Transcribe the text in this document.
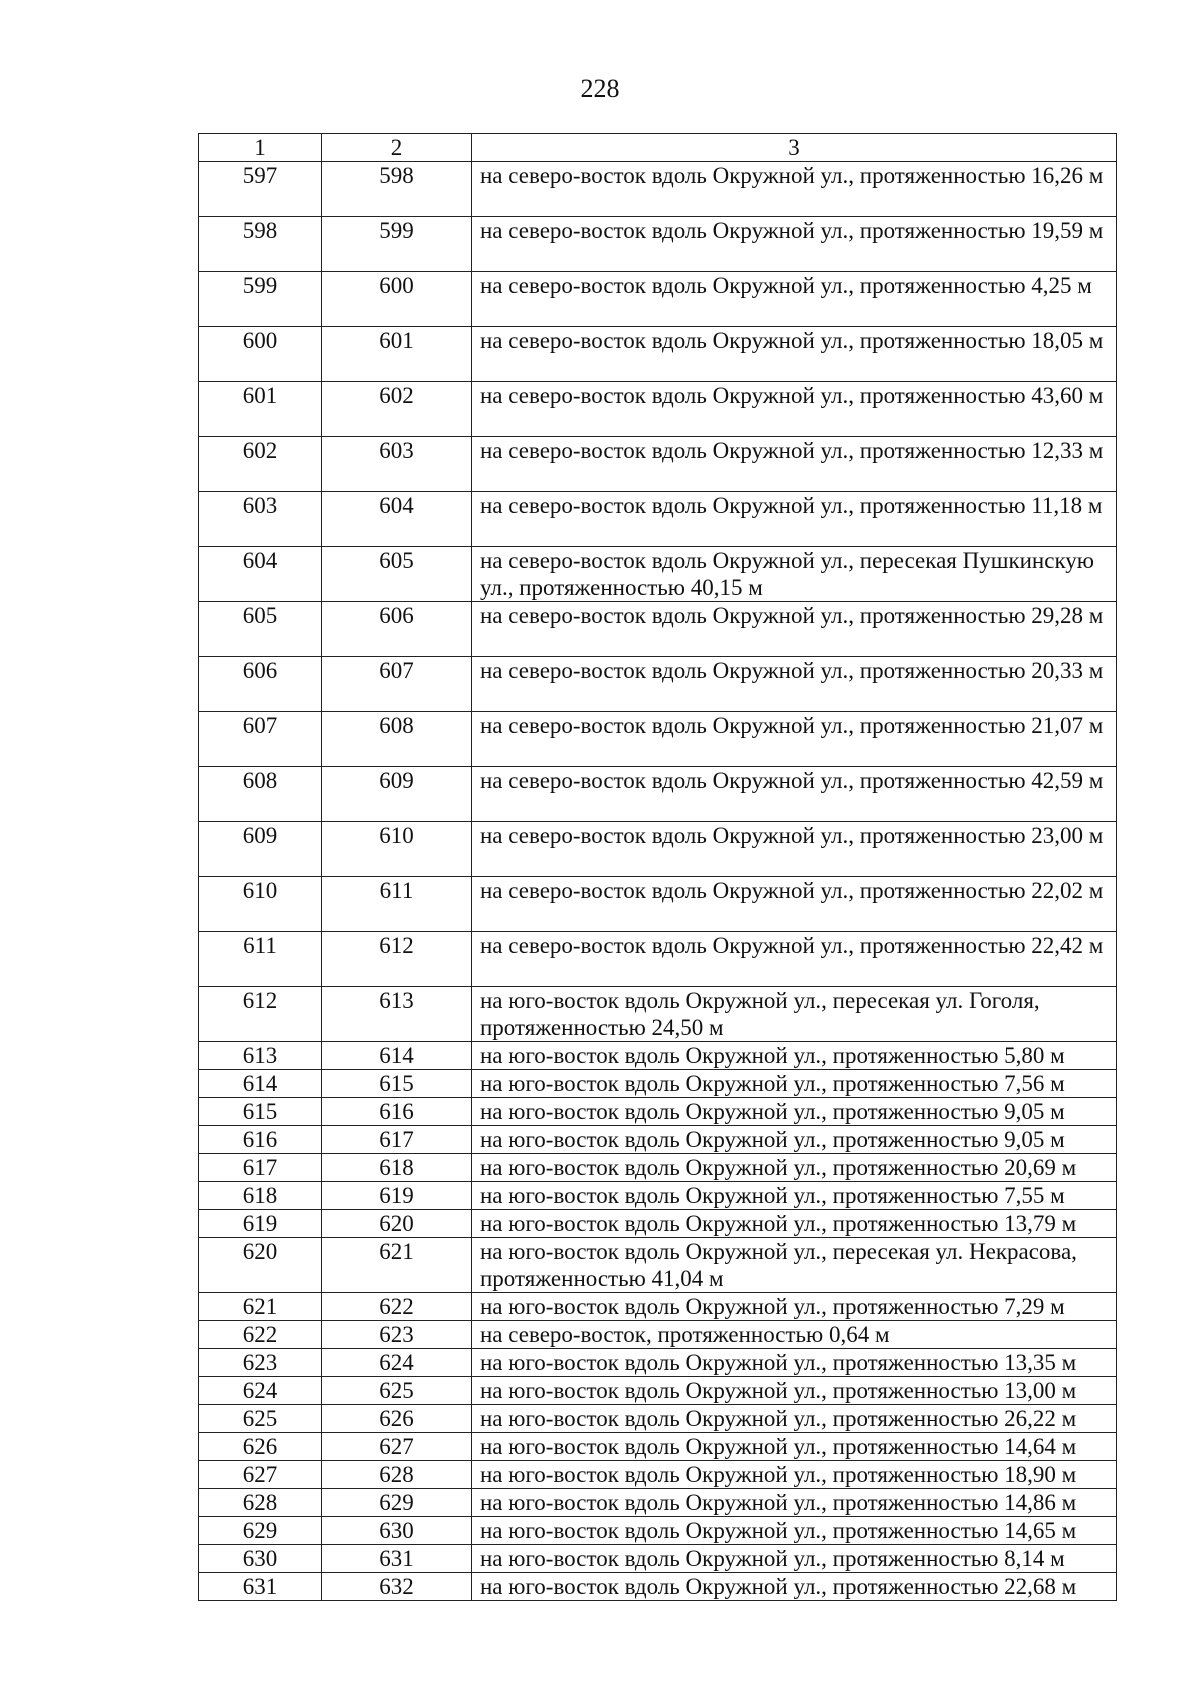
228
1	2	3
597	598	на северо-восток вдоль Окружной ул., протяженностью 16,26 м
598	599	на северо-восток вдоль Окружной ул., протяженностью 19,59 м
599	600	на северо-восток вдоль Окружной ул., протяженностью 4,25 м
600	601	на северо-восток вдоль Окружной ул., протяженностью 18,05 м
601	602	на северо-восток вдоль Окружной ул., протяженностью 43,60 м
602	603	на северо-восток вдоль Окружной ул., протяженностью 12,33 м
603	604	на северо-восток вдоль Окружной ул., протяженностью 11,18 м
604	605	на северо-восток вдоль Окружной ул., пересекая Пушкинскую ул., протяженностью 40,15 м
605	606	на северо-восток вдоль Окружной ул., протяженностью 29,28 м
606	607	на северо-восток вдоль Окружной ул., протяженностью 20,33 м
607	608	на северо-восток вдоль Окружной ул., протяженностью 21,07 м
608	609	на северо-восток вдоль Окружной ул., протяженностью 42,59 м
609	610	на северо-восток вдоль Окружной ул., протяженностью 23,00 м
610	611	на северо-восток вдоль Окружной ул., протяженностью 22,02 м
611	612	на северо-восток вдоль Окружной ул., протяженностью 22,42 м
612	613	на юго-восток вдоль Окружной ул., пересекая ул. Гоголя, протяженностью 24,50 м
613	614	на юго-восток вдоль Окружной ул., протяженностью 5,80 м
614	615	на юго-восток вдоль Окружной ул., протяженностью 7,56 м
615	616	на юго-восток вдоль Окружной ул., протяженностью 9,05 м
616	617	на юго-восток вдоль Окружной ул., протяженностью 9,05 м
617	618	на юго-восток вдоль Окружной ул., протяженностью 20,69 м
618	619	на юго-восток вдоль Окружной ул., протяженностью 7,55 м
619	620	на юго-восток вдоль Окружной ул., протяженностью 13,79 м
620	621	на юго-восток вдоль Окружной ул., пересекая ул. Некрасова, протяженностью 41,04 м
621	622	на юго-восток вдоль Окружной ул., протяженностью 7,29 м
622	623	на северо-восток, протяженностью 0,64 м
623	624	на юго-восток вдоль Окружной ул., протяженностью 13,35 м
624	625	на юго-восток вдоль Окружной ул., протяженностью 13,00 м
625	626	на юго-восток вдоль Окружной ул., протяженностью 26,22 м
626	627	на юго-восток вдоль Окружной ул., протяженностью 14,64 м
627	628	на юго-восток вдоль Окружной ул., протяженностью 18,90 м
628	629	на юго-восток вдоль Окружной ул., протяженностью 14,86 м
629	630	на юго-восток вдоль Окружной ул., протяженностью 14,65 м
630	631	на юго-восток вдоль Окружной ул., протяженностью 8,14 м
631	632	на юго-восток вдоль Окружной ул., протяженностью 22,68 м
